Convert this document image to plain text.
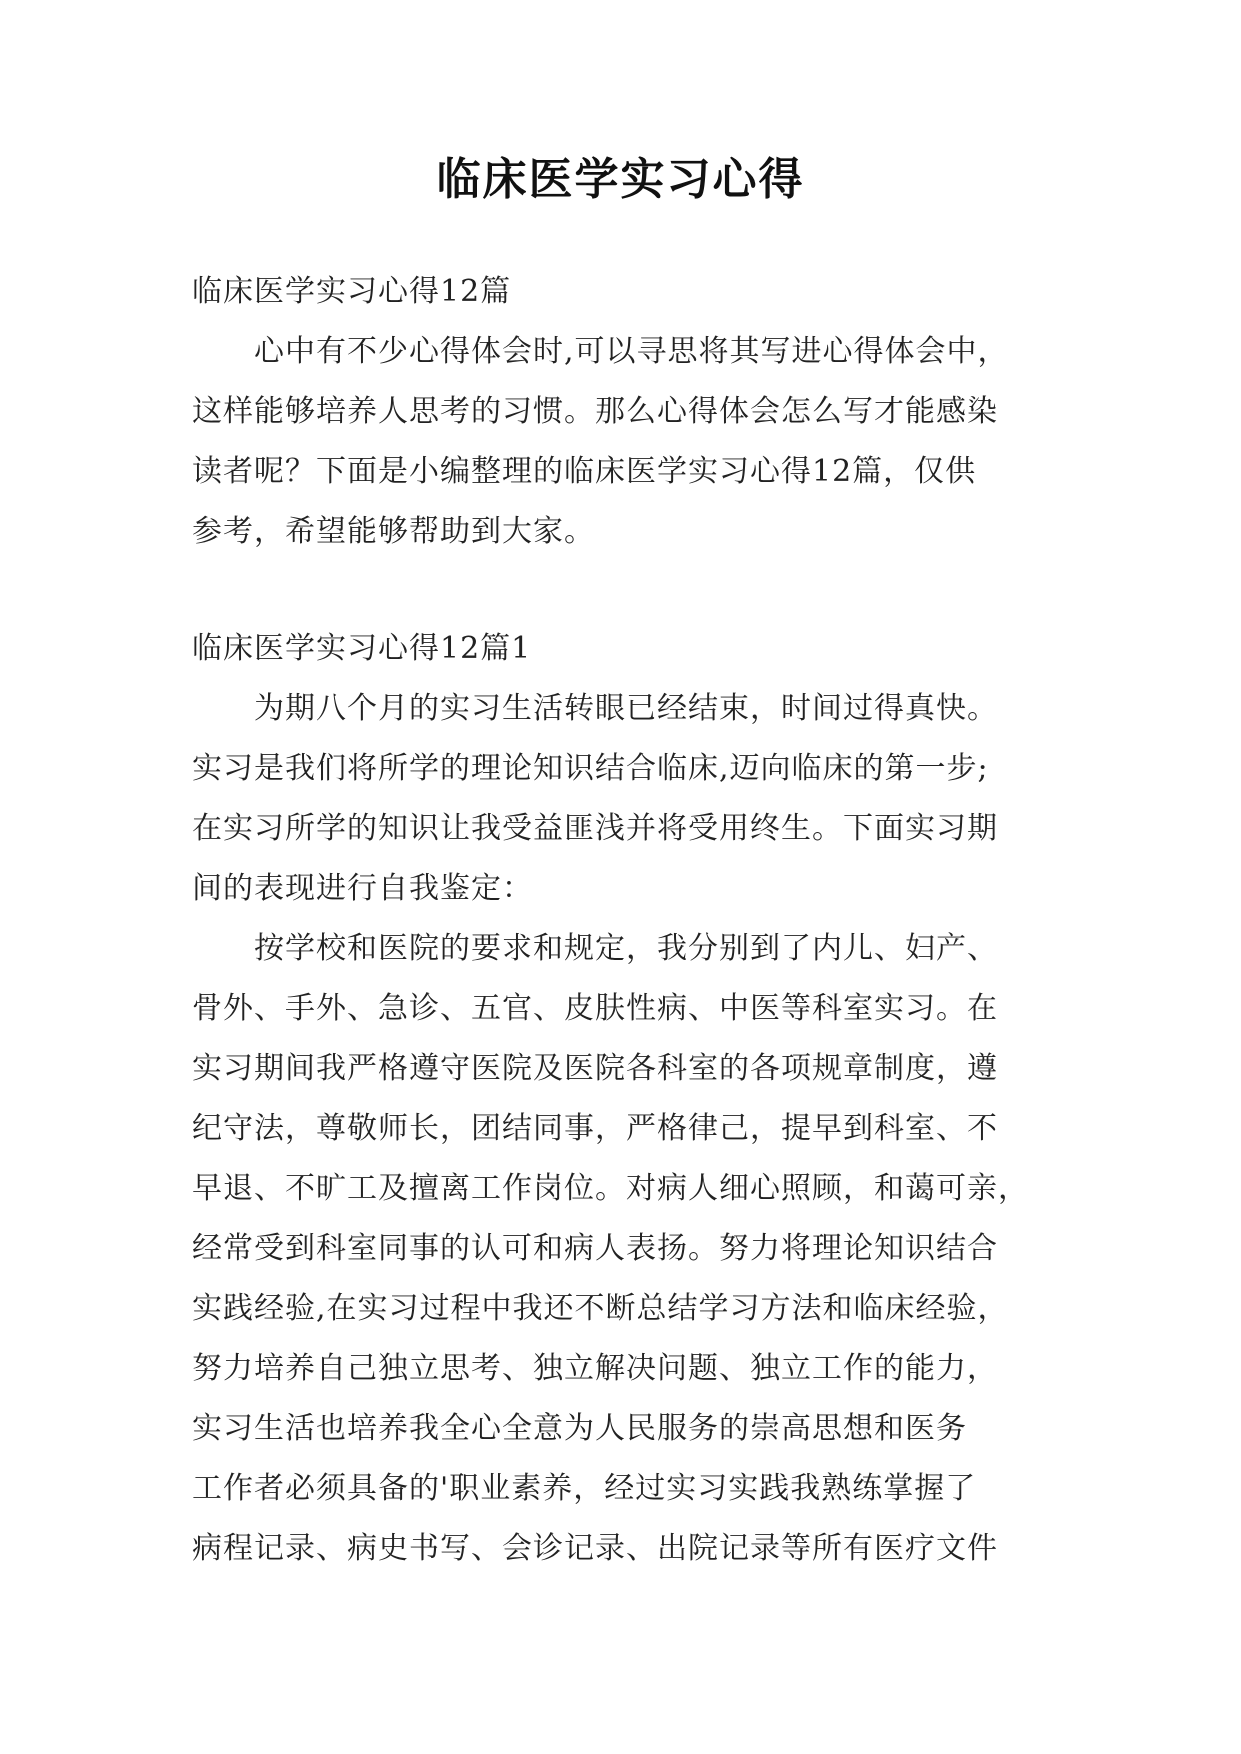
临床医学实习心得
临床医学实习心得12篇
　　心中有不少心得体会时,可以寻思将其写进心得体会中，
这样能够培养人思考的习惯。那么心得体会怎么写才能感染
读者呢？下面是小编整理的临床医学实习心得12篇，仅供
参考，希望能够帮助到大家。
临床医学实习心得12篇1
　　为期八个月的实习生活转眼已经结束，时间过得真快。
实习是我们将所学的理论知识结合临床,迈向临床的第一步;
在实习所学的知识让我受益匪浅并将受用终生。下面实习期
间的表现进行自我鉴定：
　　按学校和医院的要求和规定，我分别到了内儿、妇产、
骨外、手外、急诊、五官、皮肤性病、中医等科室实习。在
实习期间我严格遵守医院及医院各科室的各项规章制度，遵
纪守法，尊敬师长，团结同事，严格律己，提早到科室、不
早退、不旷工及擅离工作岗位。对病人细心照顾，和蔼可亲，
经常受到科室同事的认可和病人表扬。努力将理论知识结合
实践经验,在实习过程中我还不断总结学习方法和临床经验，
努力培养自己独立思考、独立解决问题、独立工作的能力，
实习生活也培养我全心全意为人民服务的崇高思想和医务
工作者必须具备的'职业素养，经过实习实践我熟练掌握了
病程记录、病史书写、会诊记录、出院记录等所有医疗文件
